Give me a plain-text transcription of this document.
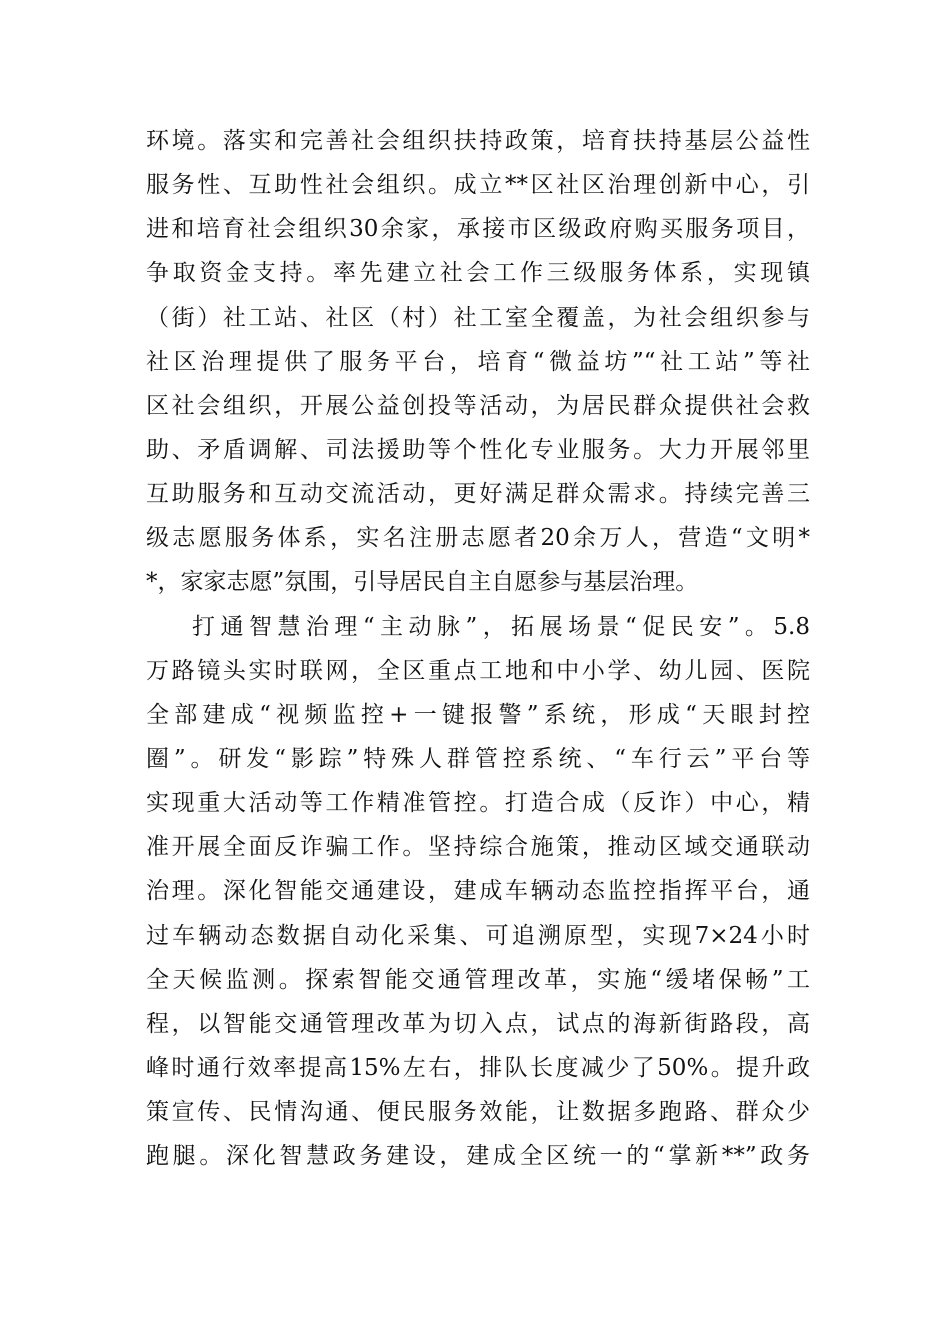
环境。落实和完善社会组织扶持政策，培育扶持基层公益性
服务性、互助性社会组织。成立**区社区治理创新中心，引
进和培育社会组织30余家，承接市区级政府购买服务项目，
争取资金支持。率先建立社会工作三级服务体系，实现镇
（街）社工站、社区（村）社工室全覆盖，为社会组织参与
社区治理提供了服务平台，培育“微益坊”“社工站”等社
区社会组织，开展公益创投等活动，为居民群众提供社会救
助、矛盾调解、司法援助等个性化专业服务。大力开展邻里
互助服务和互动交流活动，更好满足群众需求。持续完善三
级志愿服务体系，实名注册志愿者20余万人，营造“文明*
*，家家志愿”氛围，引导居民自主自愿参与基层治理。
打通智慧治理“主动脉”，拓展场景“促民安”。5.8
万路镜头实时联网，全区重点工地和中小学、幼儿园、医院
全部建成“视频监控+一键报警”系统，形成“天眼封控
圈”。研发“影踪”特殊人群管控系统、“车行云”平台等
实现重大活动等工作精准管控。打造合成（反诈）中心，精
准开展全面反诈骗工作。坚持综合施策，推动区域交通联动
治理。深化智能交通建设，建成车辆动态监控指挥平台，通
过车辆动态数据自动化采集、可追溯原型，实现7×24小时
全天候监测。探索智能交通管理改革，实施“缓堵保畅”工
程，以智能交通管理改革为切入点，试点的海新街路段，高
峰时通行效率提高15%左右，排队长度减少了50%。提升政
策宣传、民情沟通、便民服务效能，让数据多跑路、群众少
跑腿。深化智慧政务建设，建成全区统一的“掌新**”政务
